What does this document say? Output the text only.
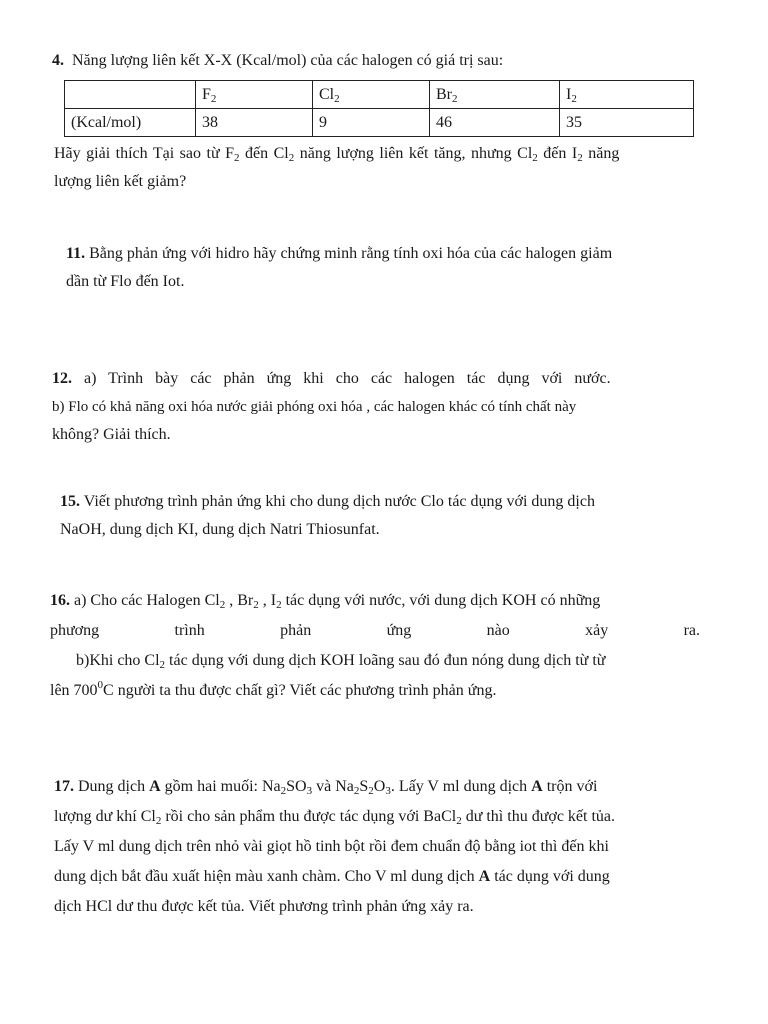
4. Năng lượng liên kết X-X (Kcal/mol) của các halogen có giá trị sau:
	$F_2$	$Cl_2$	$Br_2$	$I_2$
(Kcal/mol)	38	9	46	35
Hãy giải thích Tại sao từ $F_2$ đến $Cl_2$ năng lượng liên kết tăng, nhưng $Cl_2$ đến $I_2$ năng
lượng liên kết giảm?
11. Bằng phản ứng với hidro hãy chứng minh rằng tính oxi hóa của các halogen giảm
dần từ Flo đến Iot.
12. a) Trình bày các phản ứng khi cho các halogen tác dụng với nước.
b) Flo có khả năng oxi hóa nước giải phóng oxi hóa , các halogen khác có tính chất này
không? Giải thích.
15. Viết phương trình phản ứng khi cho dung dịch nước Clo tác dụng với dung dịch
NaOH, dung dịch KI, dung dịch Natri Thiosunfat.
16. a) Cho các Halogen $Cl_2$ , $Br_2$ , $I_2$ tác dụng với nước, với dung dịch KOH có những
phương trình phản ứng nào xảy ra.
b)Khi cho $Cl_2$ tác dụng với dung dịch KOH loãng sau đó đun nóng dung dịch từ từ
lên $700^0C$ người ta thu được chất gì? Viết các phương trình phản ứng.
17. Dung dịch A gồm hai muối: $Na_2SO_3$ và $Na_2S_2O_3$. Lấy V ml dung dịch A trộn với
lượng dư khí $Cl_2$ rồi cho sản phẩm thu được tác dụng với BaCl$_2$ dư thì thu được kết tủa.
Lấy V ml dung dịch trên nhỏ vài giọt hồ tinh bột rồi đem chuẩn độ bằng iot thì đến khi
dung dịch bắt đầu xuất hiện màu xanh chàm. Cho V ml dung dịch A tác dụng với dung
dịch HCl dư thu được kết tủa. Viết phương trình phản ứng xảy ra.
